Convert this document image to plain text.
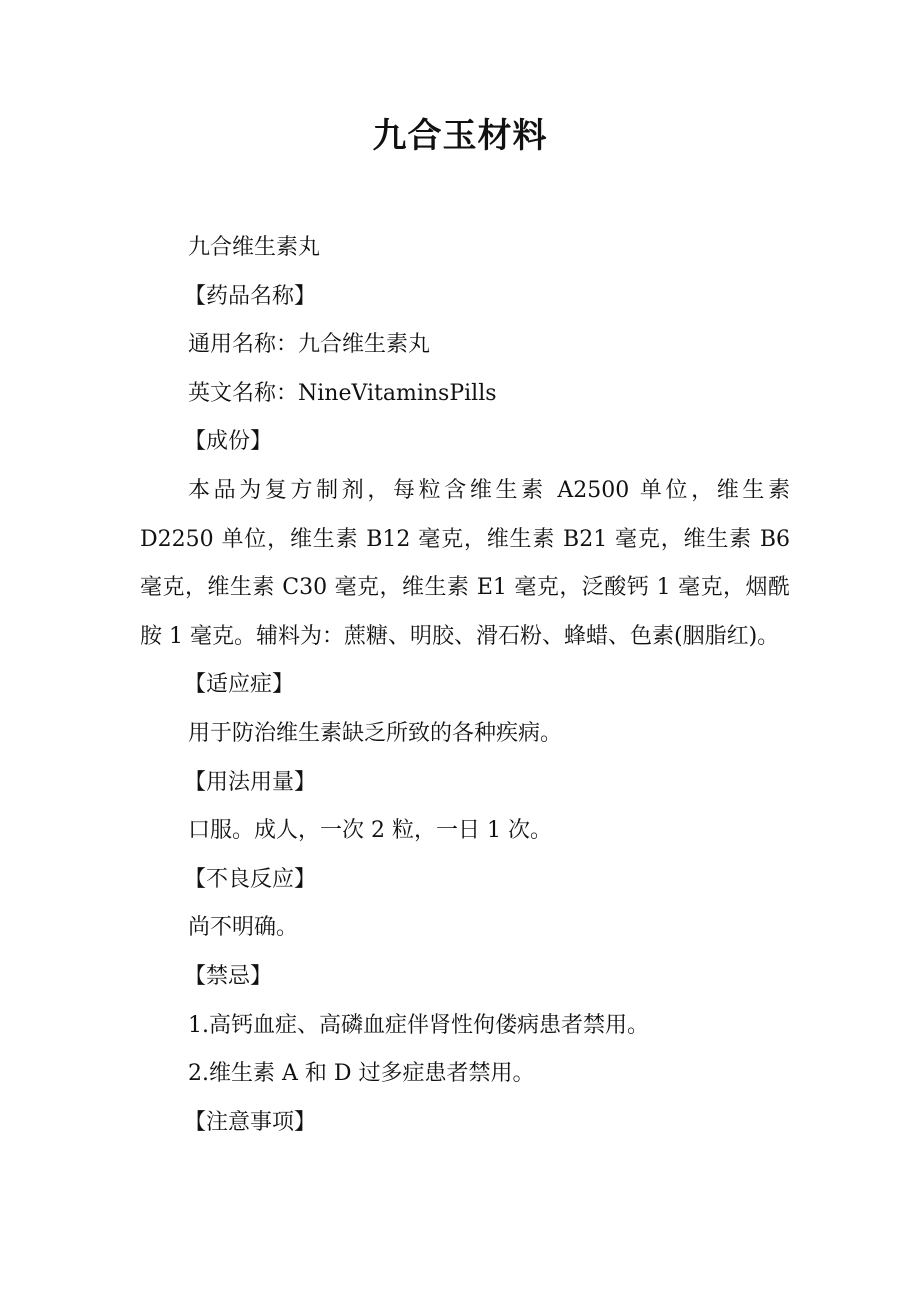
九合玉材料

九合维生素丸

【药品名称】

通用名称：九合维生素丸

英文名称：NineVitaminsPills

【成份】

本品为复方制剂，每粒含维生素 A2500 单位，维生素 D2250 单位，维生素 B12 毫克，维生素 B21 毫克，维生素 B6 毫克，维生素 C30 毫克，维生素 E1 毫克，泛酸钙 1 毫克，烟酰胺 1 毫克。辅料为：蔗糖、明胶、滑石粉、蜂蜡、色素(胭脂红)。

【适应症】

用于防治维生素缺乏所致的各种疾病。

【用法用量】

口服。成人，一次 2 粒，一日 1 次。

【不良反应】

尚不明确。

【禁忌】

1.高钙血症、高磷血症伴肾性佝偻病患者禁用。

2.维生素 A 和 D 过多症患者禁用。

【注意事项】
